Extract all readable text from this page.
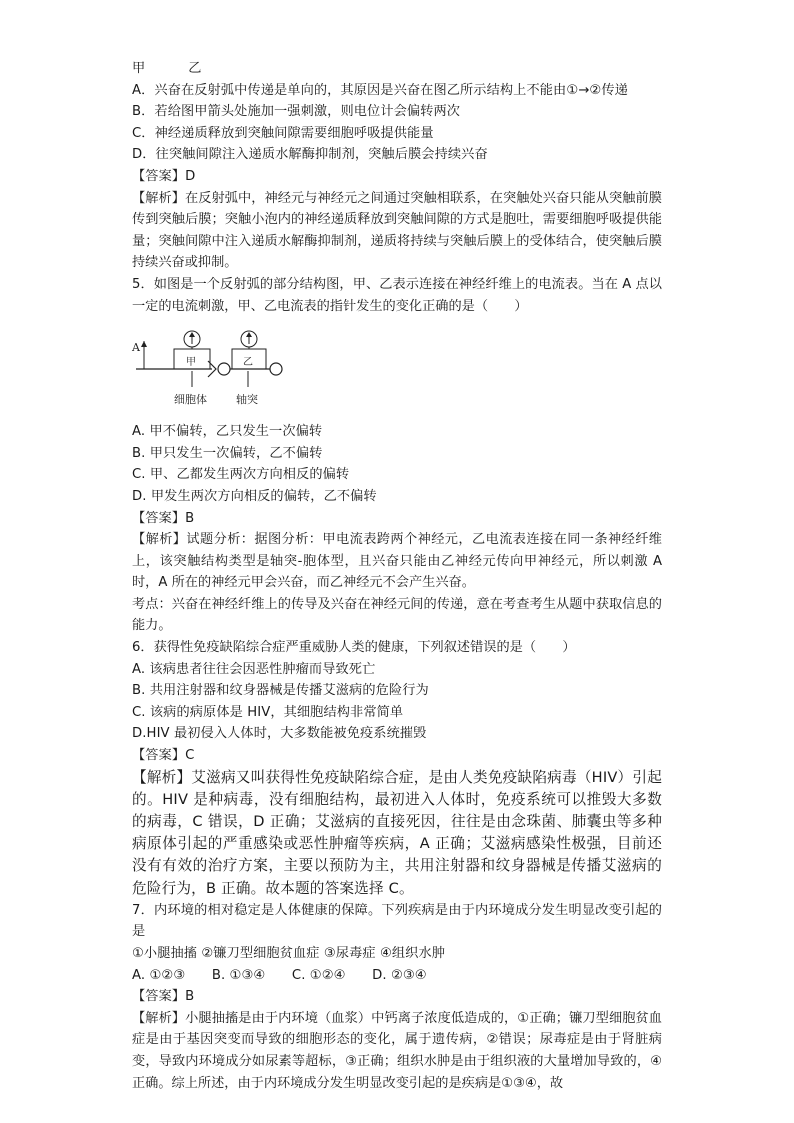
甲          乙
A．兴奋在反射弧中传递是单向的，其原因是兴奋在图乙所示结构上不能由①→②传递
B．若给图甲箭头处施加一强刺激，则电位计会偏转两次
C．神经递质释放到突触间隙需要细胞呼吸提供能量
D．往突触间隙注入递质水解酶抑制剂，突触后膜会持续兴奋
【答案】D
【解析】在反射弧中，神经元与神经元之间通过突触相联系，在突触处兴奋只能从突触前膜传到突触后膜；突触小泡内的神经递质释放到突触间隙的方式是胞吐，需要细胞呼吸提供能量；突触间隙中注入递质水解酶抑制剂，递质将持续与突触后膜上的受体结合，使突触后膜持续兴奋或抑制。
5．如图是一个反射弧的部分结构图，甲、乙表示连接在神经纤维上的电流表。当在 A 点以一定的电流刺激，甲、乙电流表的指针发生的变化正确的是（　　）
A
甲	乙
细胞体	轴突
A. 甲不偏转，乙只发生一次偏转
B. 甲只发生一次偏转，乙不偏转
C. 甲、乙都发生两次方向相反的偏转
D. 甲发生两次方向相反的偏转，乙不偏转
【答案】B
【解析】试题分析：据图分析：甲电流表跨两个神经元，乙电流表连接在同一条神经纤维上，该突触结构类型是轴突-胞体型，且兴奋只能由乙神经元传向甲神经元，所以刺激 A时，A 所在的神经元甲会兴奋，而乙神经元不会产生兴奋。
考点：兴奋在神经纤维上的传导及兴奋在神经元间的传递，意在考查考生从题中获取信息的能力。
6．获得性免疫缺陷综合症严重威胁人类的健康，下列叙述错误的是（　　）
A. 该病患者往往会因恶性肿瘤而导致死亡
B. 共用注射器和纹身器械是传播艾滋病的危险行为
C. 该病的病原体是 HIV，其细胞结构非常简单
D.HIV 最初侵入人体时，大多数能被免疫系统摧毁
【答案】C
【解析】艾滋病又叫获得性免疫缺陷综合症，是由人类免疫缺陷病毒（HIV）引起的。HIV 是种病毒，没有细胞结构，最初进入人体时，免疫系统可以推毁大多数的病毒，C 错误，D 正确；艾滋病的直接死因，往往是由念珠菌、肺囊虫等多种病原体引起的严重感染或恶性肿瘤等疾病，A 正确；艾滋病感染性极强，目前还没有有效的治疗方案，主要以预防为主，共用注射器和纹身器械是传播艾滋病的危险行为，B 正确。故本题的答案选择 C。
7．内环境的相对稳定是人体健康的保障。下列疾病是由于内环境成分发生明显改变引起的是
①小腿抽搐 ②镰刀型细胞贫血症 ③尿毒症 ④组织水肿
A. ①②③　　B. ①③④　　C. ①②④　　D. ②③④
【答案】B
【解析】小腿抽搐是由于内环境（血浆）中钙离子浓度低造成的，①正确；镰刀型细胞贫血症是由于基因突变而导致的细胞形态的变化，属于遗传病，②错误；尿毒症是由于肾脏病变，导致内环境成分如尿素等超标，③正确；组织水肿是由于组织液的大量增加导致的，④正确。综上所述，由于内环境成分发生明显改变引起的是疾病是①③④，故
